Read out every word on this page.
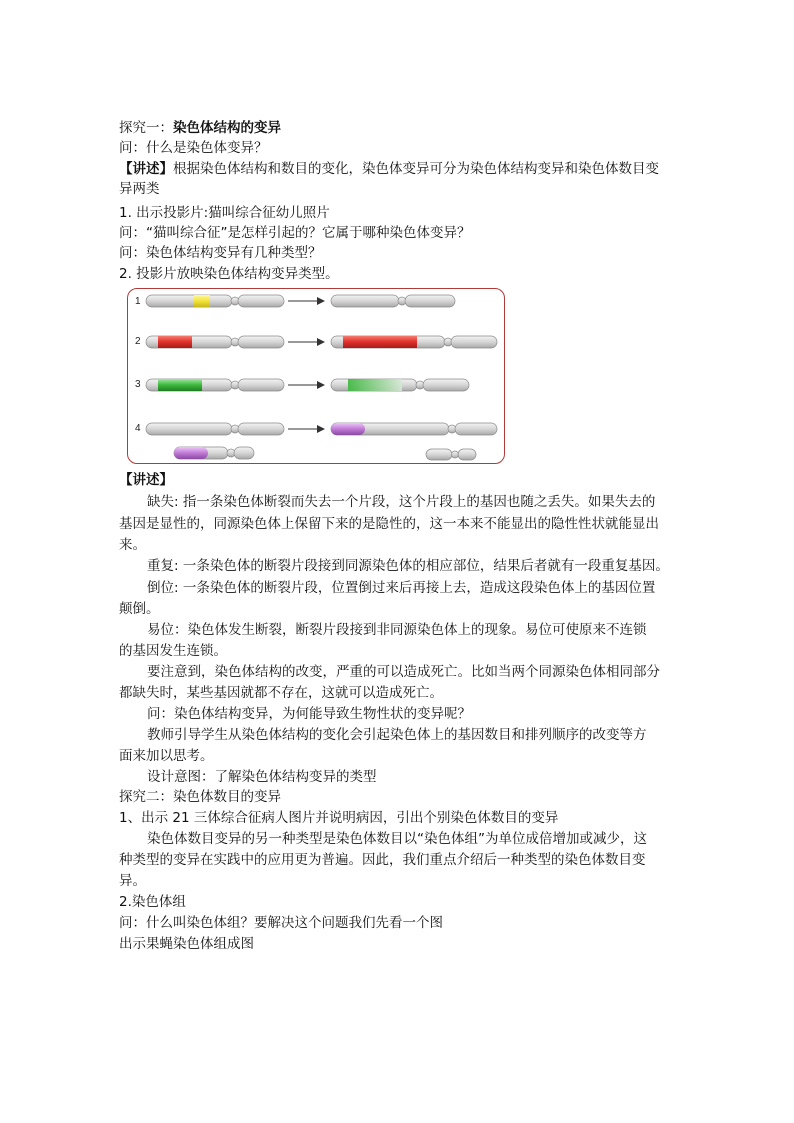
探究一：染色体结构的变异
问：什么是染色体变异？
【讲述】根据染色体结构和数目的变化，染色体变异可分为染色体结构变异和染色体数目变
异两类
1. 出示投影片:猫叫综合征幼儿照片
问：“猫叫综合征”是怎样引起的？它属于哪种染色体变异？
问：染色体结构变异有几种类型？
2. 投影片放映染色体结构变异类型。
1
2
3
4
【讲述】
缺失: 指一条染色体断裂而失去一个片段，这个片段上的基因也随之丢失。如果失去的
基因是显性的，同源染色体上保留下来的是隐性的，这一本来不能显出的隐性性状就能显出
来。
重复: 一条染色体的断裂片段接到同源染色体的相应部位，结果后者就有一段重复基因。
倒位: 一条染色体的断裂片段，位置倒过来后再接上去，造成这段染色体上的基因位置
颠倒。
易位：染色体发生断裂，断裂片段接到非同源染色体上的现象。易位可使原来不连锁
的基因发生连锁。
要注意到，染色体结构的改变，严重的可以造成死亡。比如当两个同源染色体相同部分
都缺失时，某些基因就都不存在，这就可以造成死亡。
问：染色体结构变异，为何能导致生物性状的变异呢？
教师引导学生从染色体结构的变化会引起染色体上的基因数目和排列顺序的改变等方
面来加以思考。
设计意图：了解染色体结构变异的类型
探究二：染色体数目的变异
1、出示 21 三体综合征病人图片并说明病因，引出个别染色体数目的变异
染色体数目变异的另一种类型是染色体数目以“染色体组”为单位成倍增加或减少，这
种类型的变异在实践中的应用更为普遍。因此，我们重点介绍后一种类型的染色体数目变
异。
2.染色体组
问：什么叫染色体组？要解决这个问题我们先看一个图
出示果蝇染色体组成图
